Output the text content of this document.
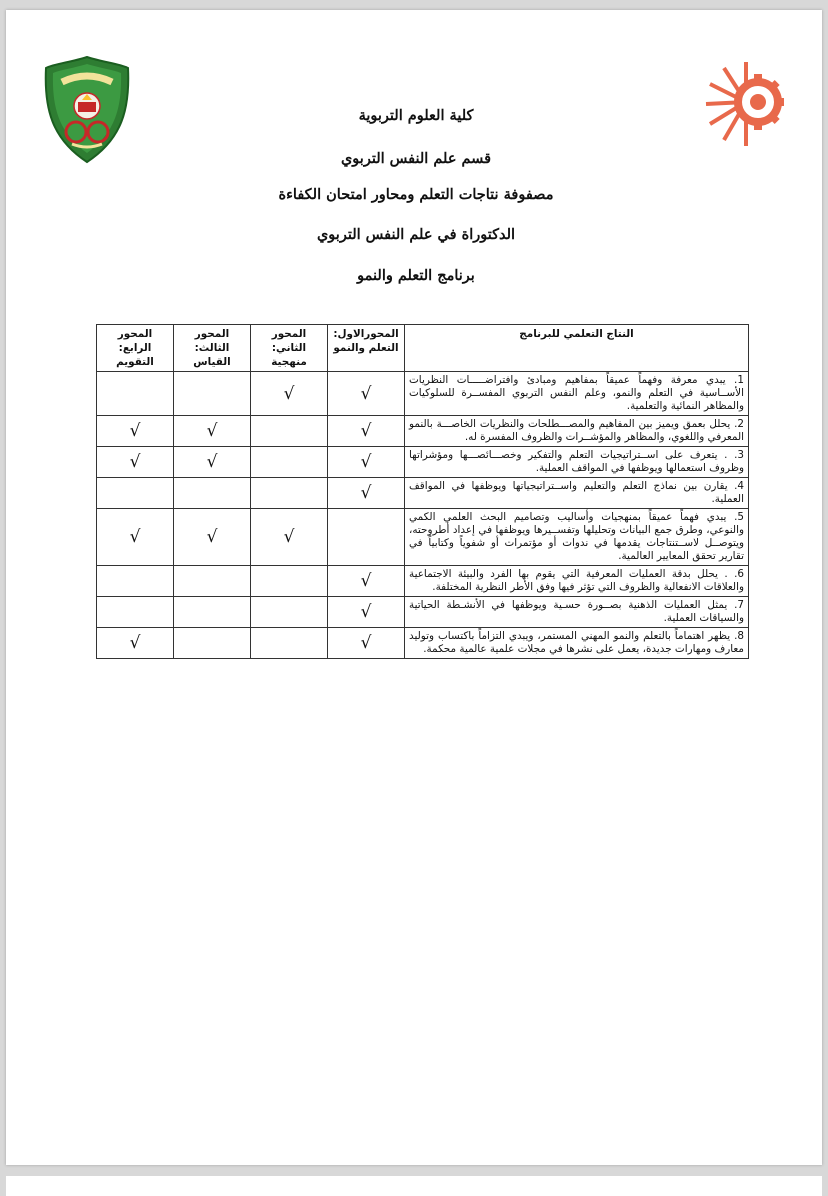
كلية العلوم التربوية
قسم علم النفس التربوي
مصفوفة نتاجات التعلم ومحاور امتحان الكفاءة
الدكتوراة في علم النفس التربوي
برنامج التعلم والنمو
النتاج التعلمي للبرنامج	المحورالاول: التعلم والنمو	المحور الثاني: منهجية	المحور الثالث: القياس	المحور الرابع: التقويم
1. يبدي معرفة وفهماً عميقاً بمفاهيم ومبادئ وافتراضـــــات النظريات الأســاسية في التعلم والنمو، وعلم النفس التربوي المفســرة للسلوكيات والمظاهر النمائية والتعلمية.	√	√		
2. يحلل بعمق ويميز بين المفاهيم والمصـــطلحات والنظريات الخاصـــة بالنمو المعرفي واللغوي، والمظاهر والمؤشــرات والظروف المفسرة له.	√		√	√
3. . يتعرف على اســتراتيجيات التعلم والتفكير وخصـــائصـــها ومؤشراتها وظروف استعمالها ويوظفها في المواقف العملية.	√		√	√
4. يقارن بين نماذج التعلم والتعليم واســتراتيجياتها ويوظفها في المواقف العملية.	√			
5. يبدي فهماً عميقاً بمنهجيات وأساليب وتصاميم البحث العلمي الكمي والنوعي، وطرق جمع البيانات وتحليلها وتفســيرها ويوظفها في إعداد أطروحته، ويتوصــل لاســتنتاجات يقدمها في ندوات أو مؤتمرات أو شفوياً وكتابياً في تقارير تحقق المعايير العالمية.		√	√	√
6. . يحلل بدقة العمليات المعرفية التي يقوم بها الفرد والبيئة الاجتماعية والعلاقات الانفعالية والظروف التي تؤثر فيها وفق الأطر النظرية المختلفة.	√			
7. يمثل العمليات الذهنية بصــورة حسـية ويوظفها في الأنشـطة الحياتية والسياقات العملية.	√			
8. يظهر اهتماماً بالتعلم والنمو المهني المستمر، ويبدي التزاماً باكتساب وتوليد معارف ومهارات جديدة، يعمل على نشرها في مجلات علمية عالمية محكمة.	√			√
